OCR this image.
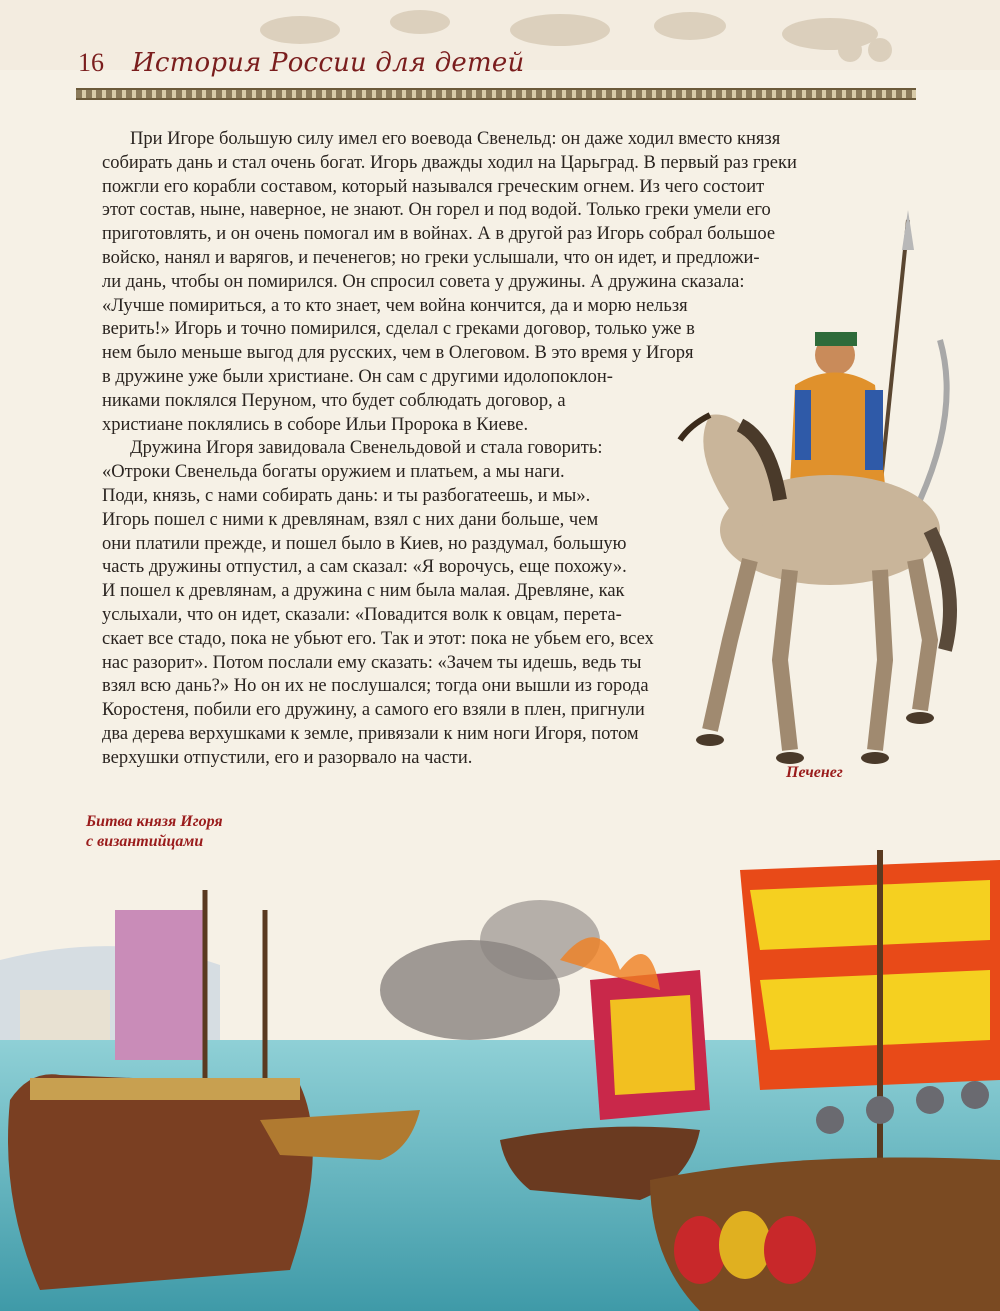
16 История России для детей

При Игоре большую силу имел его воевода Свенельд: он даже ходил вместо князя
собирать дань и стал очень богат. Игорь дважды ходил на Царьград. В первый раз греки
пожгли его корабли составом, который назывался греческим огнем. Из чего состоит
этот состав, ныне, наверное, не знают. Он горел и под водой. Только греки умели его
приготовлять, и он очень помогал им в войнах. А в другой раз Игорь собрал большое
войско, нанял и варягов, и печенегов; но греки услышали, что он идет, и предложи-
ли дань, чтобы он помирился. Он спросил совета у дружины. А дружина сказала:
«Лучше помириться, а то кто знает, чем война кончится, да и морю нельзя
верить!» Игорь и точно помирился, сделал с греками договор, только уже в
нем было меньше выгод для русских, чем в Олеговом. В это время у Игоря
в дружине уже были христиане. Он сам с другими идолопоклон-
никами поклялся Перуном, что будет соблюдать договор, а
христиане поклялись в соборе Ильи Пророка в Киеве.
Дружина Игоря завидовала Свенельдовой и стала говорить:
«Отроки Свенельда богаты оружием и платьем, а мы наги.
Поди, князь, с нами собирать дань: и ты разбогатеешь, и мы».
Игорь пошел с ними к древлянам, взял с них дани больше, чем
они платили прежде, и пошел было в Киев, но раздумал, большую
часть дружины отпустил, а сам сказал: «Я ворочусь, еще похожу».
И пошел к древлянам, а дружина с ним была малая. Древляне, как
услыхали, что он идет, сказали: «Повадится волк к овцам, перета-
скает все стадо, пока не убьют его. Так и этот: пока не убьем его, всех
нас разорит». Потом послали ему сказать: «Зачем ты идешь, ведь ты
взял всю дань?» Но он их не послушался; тогда они вышли из города
Коростеня, побили его дружину, а самого его взяли в плен, пригнули
два дерева верхушками к земле, привязали к ним ноги Игоря, потом
верхушки отпустили, его и разорвало на части.

Печенег
Битва князя Игоря
с византийцами
